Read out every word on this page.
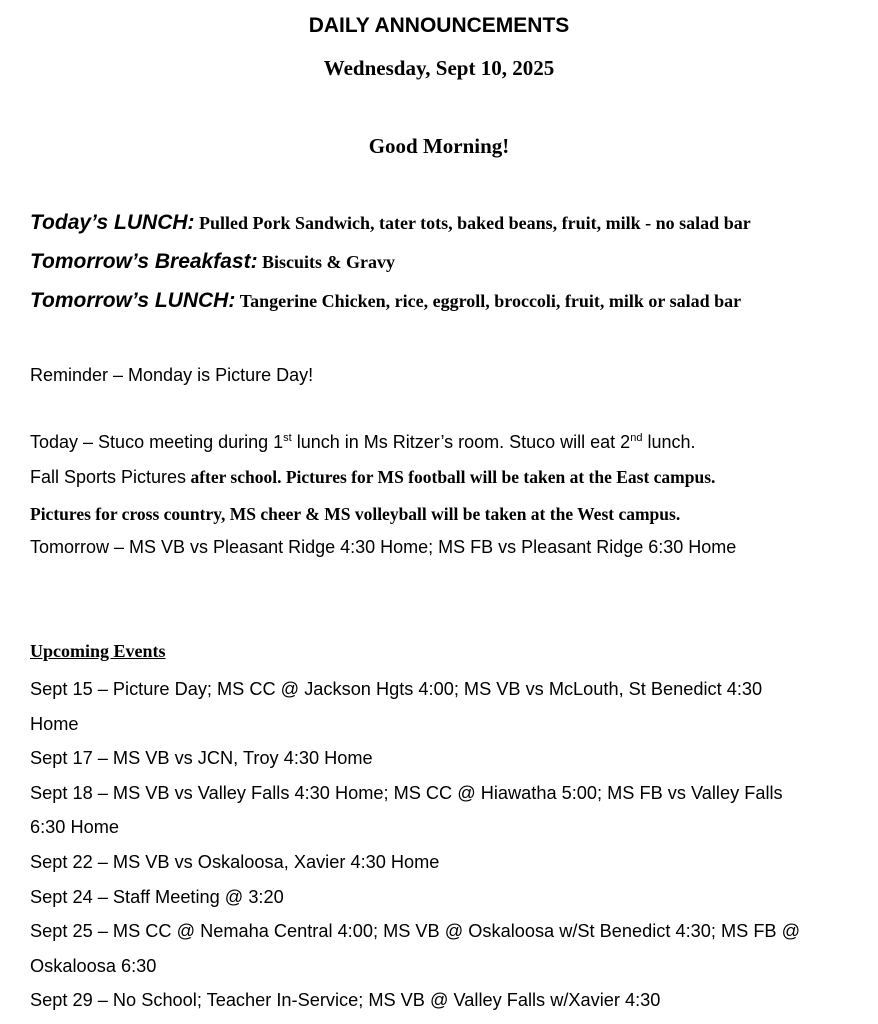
DAILY ANNOUNCEMENTS
Wednesday, Sept 10, 2025
Good Morning!
Today’s LUNCH: Pulled Pork Sandwich, tater tots, baked beans, fruit, milk - no salad bar
Tomorrow’s Breakfast: Biscuits & Gravy
Tomorrow’s LUNCH: Tangerine Chicken, rice, eggroll, broccoli, fruit, milk or salad bar
Reminder – Monday is Picture Day!
Today – Stuco meeting during 1st lunch in Ms Ritzer’s room. Stuco will eat 2nd lunch.
Fall Sports Pictures after school. Pictures for MS football will be taken at the East campus.
Pictures for cross country, MS cheer & MS volleyball will be taken at the West campus.
Tomorrow – MS VB vs Pleasant Ridge 4:30 Home; MS FB vs Pleasant Ridge 6:30 Home
Upcoming Events
Sept 15 – Picture Day; MS CC @ Jackson Hgts 4:00; MS VB vs McLouth, St Benedict 4:30
Home
Sept 17 – MS VB vs JCN, Troy 4:30 Home
Sept 18 – MS VB vs Valley Falls 4:30 Home; MS CC @ Hiawatha 5:00; MS FB vs Valley Falls
6:30 Home
Sept 22 – MS VB vs Oskaloosa, Xavier 4:30 Home
Sept 24 – Staff Meeting @ 3:20
Sept 25 – MS CC @ Nemaha Central 4:00; MS VB @ Oskaloosa w/St Benedict 4:30; MS FB @
Oskaloosa 6:30
Sept 29 – No School; Teacher In-Service; MS VB @ Valley Falls w/Xavier 4:30
